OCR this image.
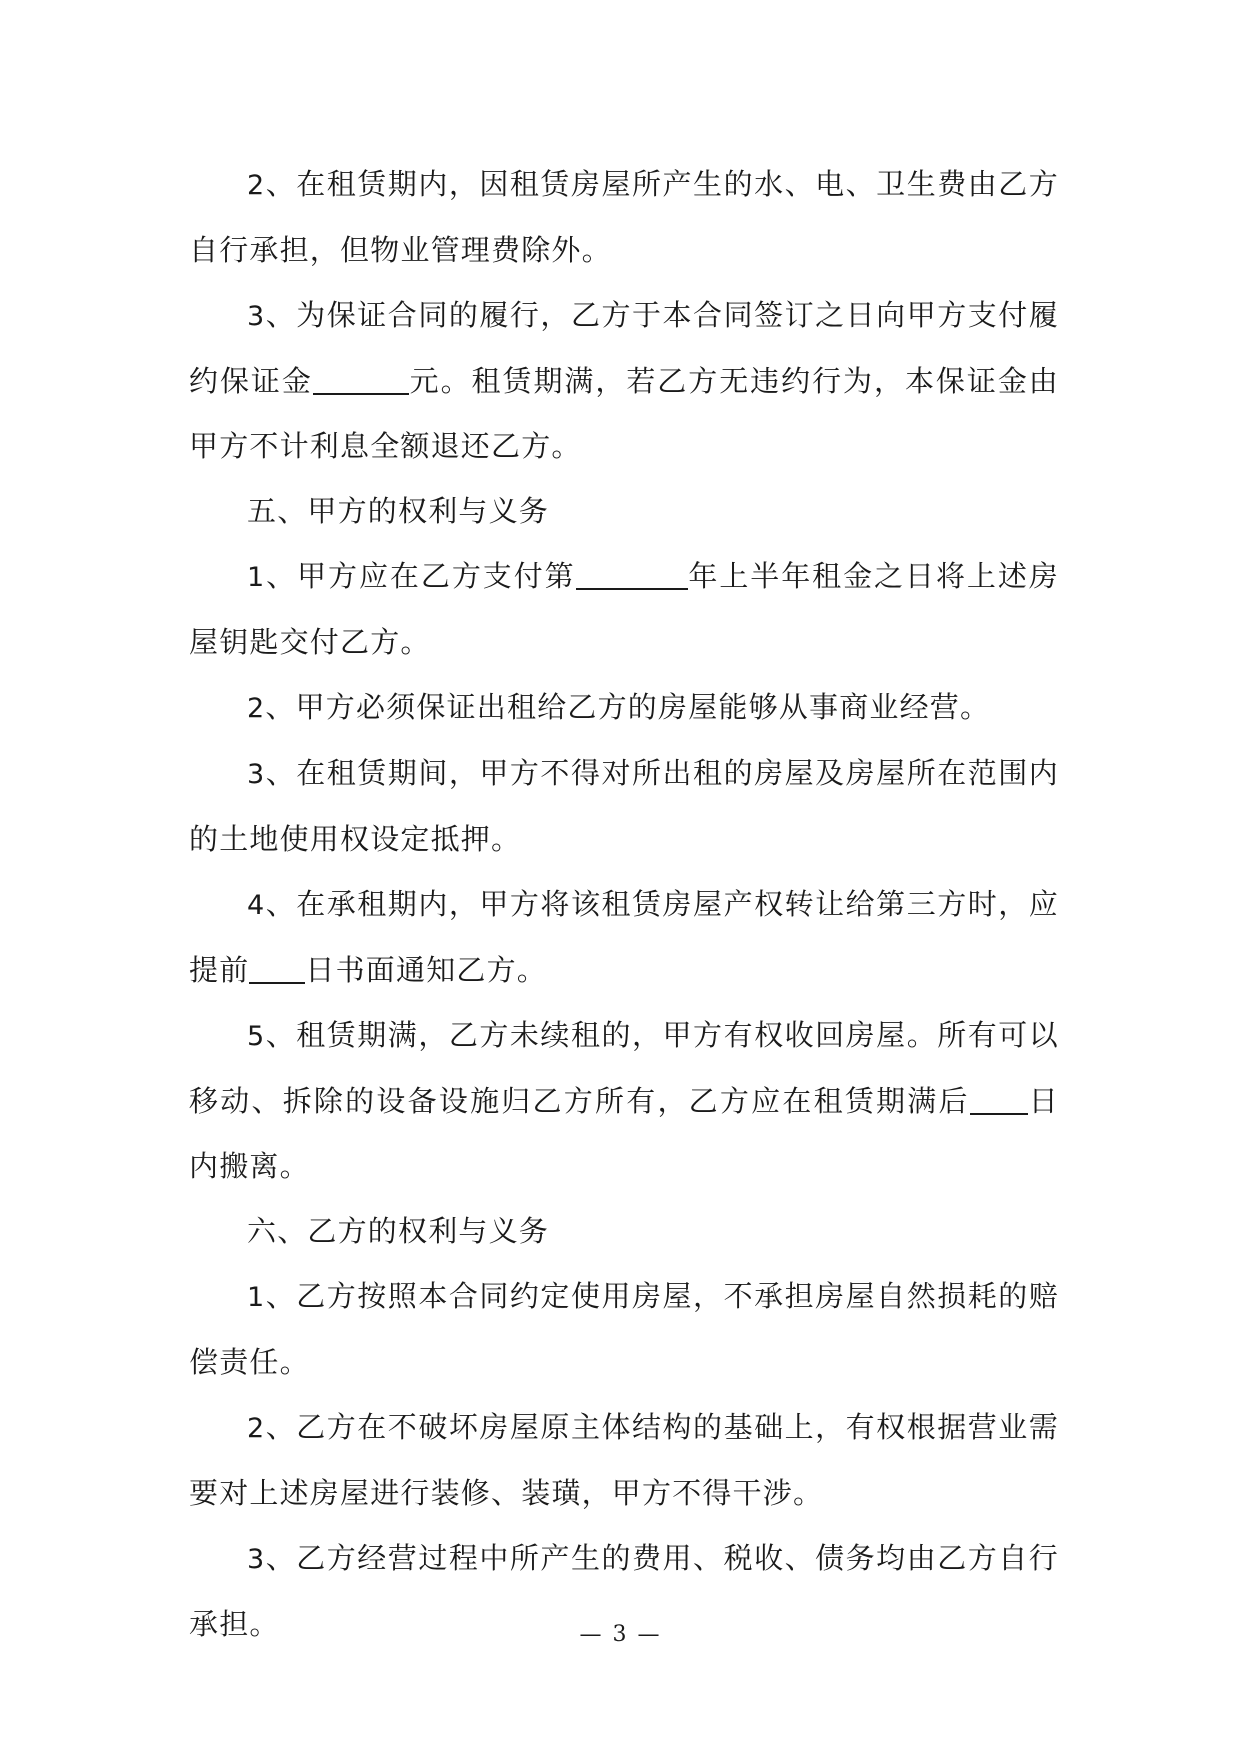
2、在租赁期内，因租赁房屋所产生的水、电、卫生费由乙方自行承担，但物业管理费除外。

3、为保证合同的履行，乙方于本合同签订之日向甲方支付履约保证金	元。租赁期满，若乙方无违约行为，本保证金由甲方不计利息全额退还乙方。

五、甲方的权利与义务

1、甲方应在乙方支付第	年上半年租金之日将上述房屋钥匙交付乙方。

2、甲方必须保证出租给乙方的房屋能够从事商业经营。

3、在租赁期间，甲方不得对所出租的房屋及房屋所在范围内的土地使用权设定抵押。

4、在承租期内，甲方将该租赁房屋产权转让给第三方时，应提前 日书面通知乙方。

5、租赁期满，乙方未续租的，甲方有权收回房屋。所有可以移动、拆除的设备设施归乙方所有，乙方应在租赁期满后 日内搬离。

六、乙方的权利与义务

1、乙方按照本合同约定使用房屋，不承担房屋自然损耗的赔偿责任。

2、乙方在不破坏房屋原主体结构的基础上，有权根据营业需要对上述房屋进行装修、装璜，甲方不得干涉。

3、乙方经营过程中所产生的费用、税收、债务均由乙方自行承担。	— 3 —
